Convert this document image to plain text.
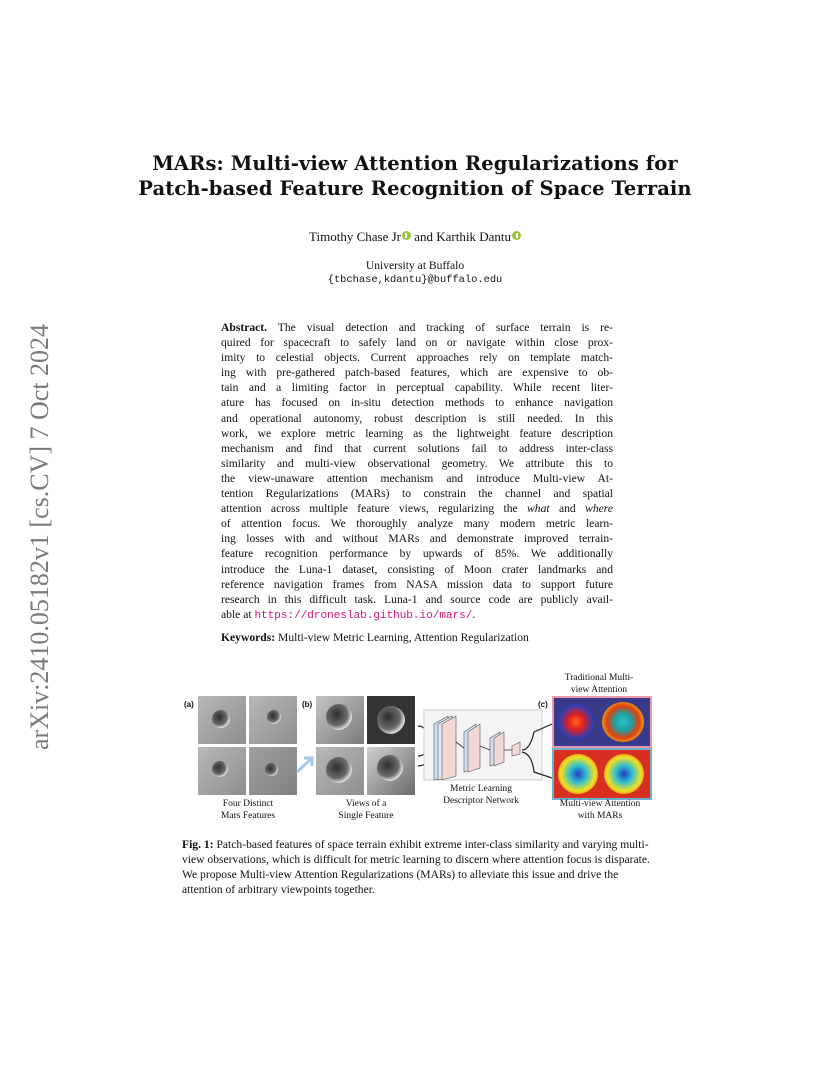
arXiv:2410.05182v1 [cs.CV] 7 Oct 2024
MARs: Multi-view Attention Regularizations for
Patch-based Feature Recognition of Space Terrain
Timothy Chase Jr and Karthik Dantu
University at Buffalo
{tbchase,kdantu}@buffalo.edu
Abstract. The visual detection and tracking of surface terrain is re-
quired for spacecraft to safely land on or navigate within close prox-
imity to celestial objects. Current approaches rely on template match-
ing with pre-gathered patch-based features, which are expensive to ob-
tain and a limiting factor in perceptual capability. While recent liter-
ature has focused on in-situ detection methods to enhance navigation
and operational autonomy, robust description is still needed. In this
work, we explore metric learning as the lightweight feature description
mechanism and find that current solutions fail to address inter-class
similarity and multi-view observational geometry. We attribute this to
the view-unaware attention mechanism and introduce Multi-view At-
tention Regularizations (MARs) to constrain the channel and spatial
attention across multiple feature views, regularizing the what and where
of attention focus. We thoroughly analyze many modern metric learn-
ing losses with and without MARs and demonstrate improved terrain-
feature recognition performance by upwards of 85%. We additionally
introduce the Luna-1 dataset, consisting of Moon crater landmarks and
reference navigation frames from NASA mission data to support future
research in this difficult task. Luna-1 and source code are publicly avail-
able at https://droneslab.github.io/mars/.
Keywords: Multi-view Metric Learning, Attention Regularization
(a)
Four Distinct
Mars Features
(b)
Views of a
Single Feature
Metric Learning
Descriptor Network
Traditional Multi-
view Attention
(c)
Multi-view Attention
with MARs
Fig. 1: Patch-based features of space terrain exhibit extreme inter-class similarity and varying multi-view observations, which is difficult for metric learning to discern where attention focus is disparate. We propose Multi-view Attention Regularizations (MARs) to alleviate this issue and drive the attention of arbitrary viewpoints together.
